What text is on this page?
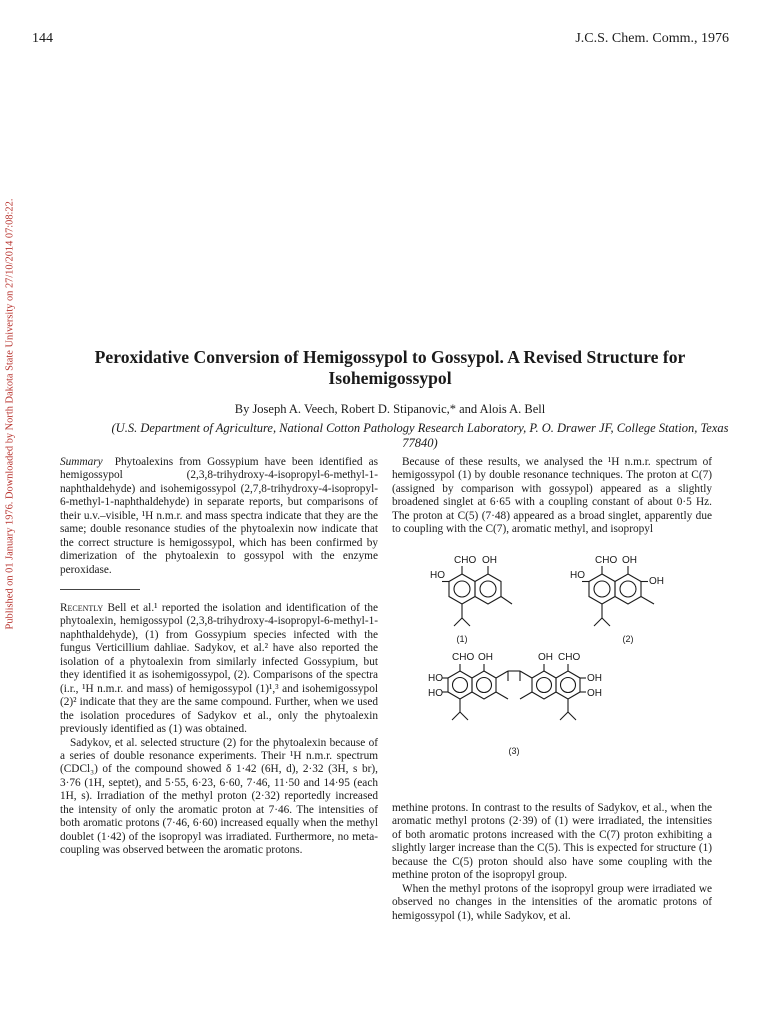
144	J.C.S. Chem. Comm., 1976
Published on 01 January 1976. Downloaded by North Dakota State University on 27/10/2014 07:08:22.	Peroxidative Conversion of Hemigossypol to Gossypol. A Revised Structure for Isohemigossypol
By Joseph A. Veech, Robert D. Stipanovic,* and Alois A. Bell
(U.S. Department of Agriculture, National Cotton Pathology Research Laboratory, P. O. Drawer JF, College Station, Texas 77840)
Summary Phytoalexins from Gossypium have been identified as hemigossypol (2,3,8-trihydroxy-4-isopropyl-6-methyl-1-naphthaldehyde) and isohemigossypol (2,7,8-trihydroxy-4-isopropyl-6-methyl-1-naphthaldehyde) in separate reports, but comparisons of their u.v.–visible, ¹H n.m.r. and mass spectra indicate that they are the same; double resonance studies of the phytoalexin now indicate that the correct structure is hemigossypol, which has been confirmed by dimerization of the phytoalexin to gossypol with the enzyme peroxidase.

Recently Bell et al.¹ reported the isolation and identification of the phytoalexin, hemigossypol (2,3,8-trihydroxy-4-isopropyl-6-methyl-1-naphthaldehyde), (1) from Gossypium species infected with the fungus Verticillium dahliae. Sadykov, et al.² have also reported the isolation of a phytoalexin from similarly infected Gossypium, but they identified it as isohemigossypol, (2). Comparisons of the spectra (i.r., ¹H n.m.r. and mass) of hemigossypol (1)¹,³ and isohemigossypol (2)² indicate that they are the same compound. Further, when we used the isolation procedures of Sadykov et al., only the phytoalexin previously identified as (1) was obtained.

Sadykov, et al. selected structure (2) for the phytoalexin because of a series of double resonance experiments. Their ¹H n.m.r. spectrum (CDCl₃) of the compound showed δ 1·42 (6H, d), 2·32 (3H, s br), 3·76 (1H, septet), and 5·55, 6·23, 6·60, 7·46, 11·50 and 14·95 (each 1H, s). Irradiation of the methyl proton (2·32) reportedly increased the intensity of only the aromatic proton at 7·46. The intensities of both aromatic protons (7·46, 6·60) increased equally when the methyl doublet (1·42) of the isopropyl was irradiated. Furthermore, no meta-coupling was observed between the aromatic protons.

Because of these results, we analysed the ¹H n.m.r. spectrum of hemigossypol (1) by double resonance techniques. The proton at C(7) (assigned by comparison with gossypol) appeared as a slightly broadened singlet at 6·65 with a coupling constant of about 0·5 Hz. The proton at C(5) (7·48) appeared as a broad singlet, apparently due to coupling with the C(7), aromatic methyl, and isopropyl

CHO OH
HO
(1)
CHO OH
HO
OH
(2)
CHO OH	OH CHO
HO
HO
OH
OH
(3)

methine protons. In contrast to the results of Sadykov, et al., when the aromatic methyl protons (2·39) of (1) were irradiated, the intensities of both aromatic protons increased with the C(7) proton exhibiting a slightly larger increase than the C(5). This is expected for structure (1) because the C(5) proton should also have some coupling with the methine proton of the isopropyl group.

When the methyl protons of the isopropyl group were irradiated we observed no changes in the intensities of the aromatic protons of hemigossypol (1), while Sadykov, et al.
